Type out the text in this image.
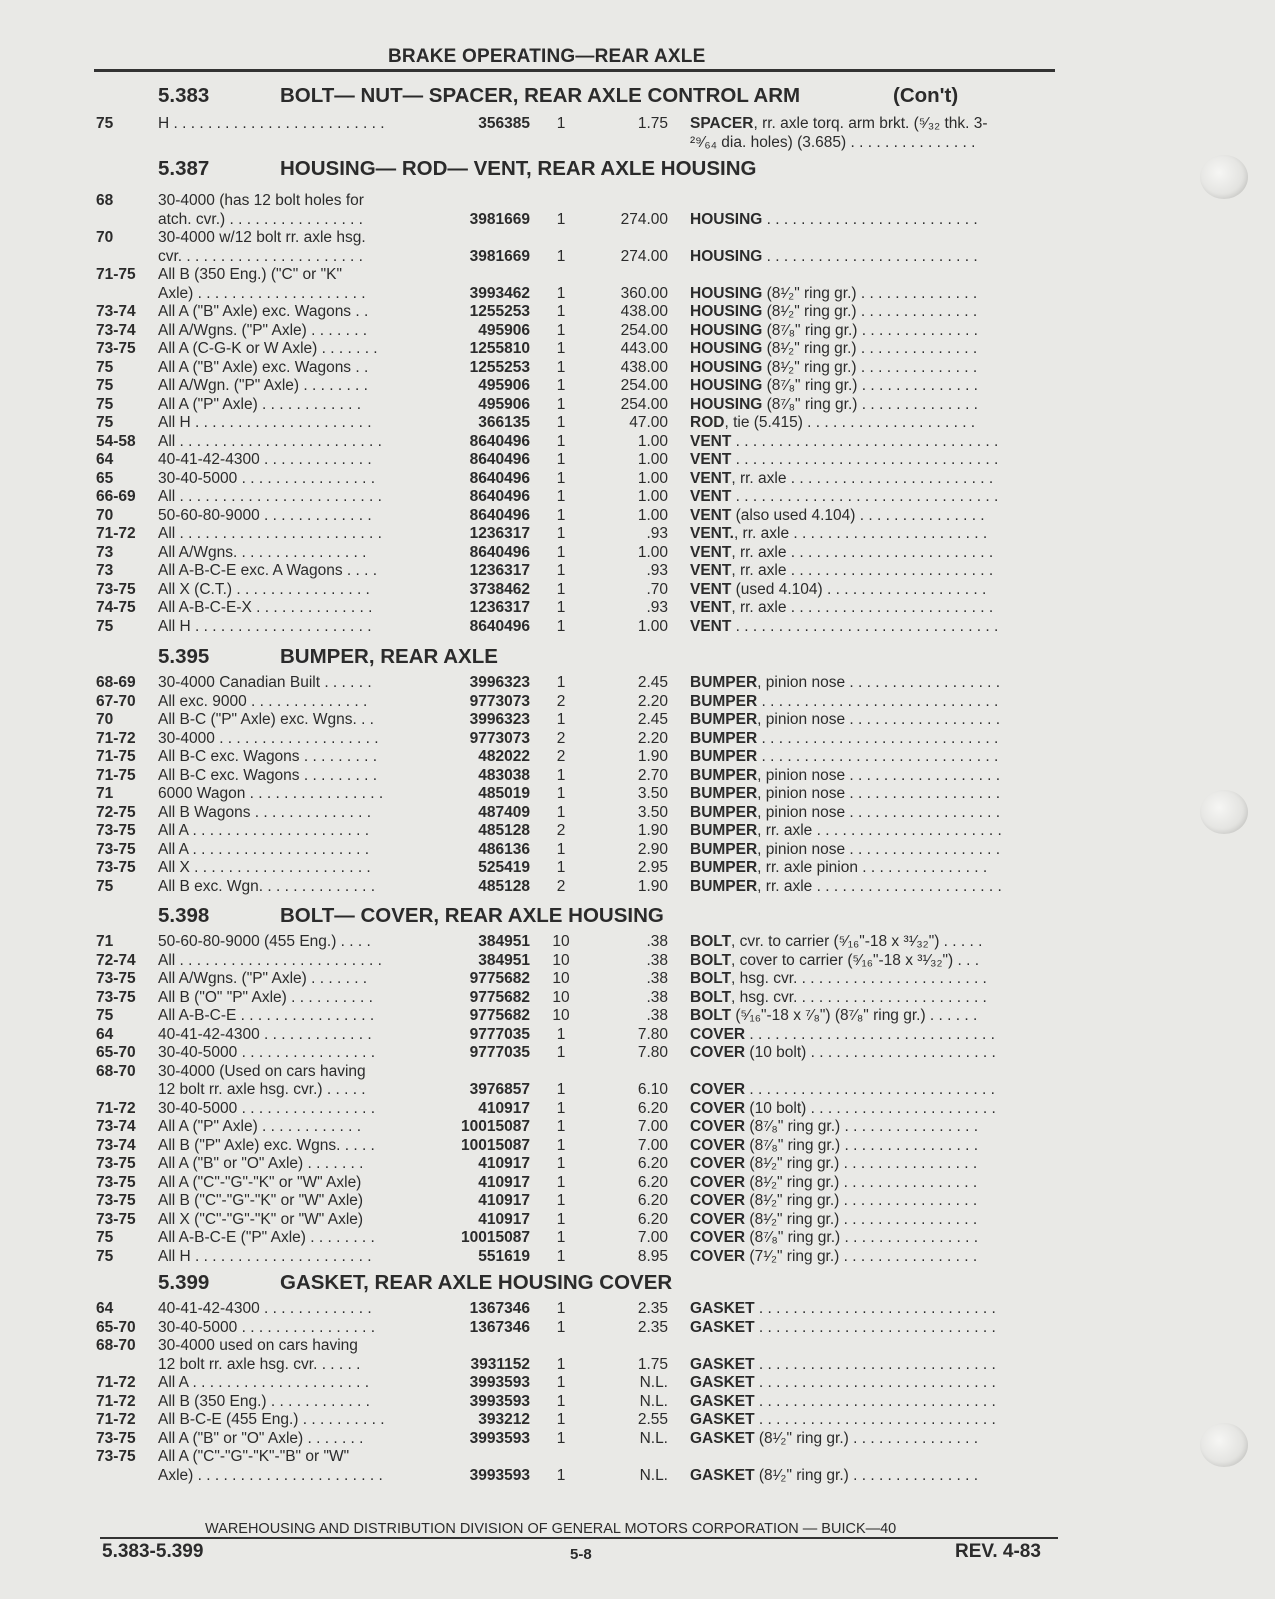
BRAKE OPERATING—REAR AXLE
5.383	BOLT— NUT— SPACER, REAR AXLE CONTROL ARM	(Con't)
75	H . . . . . . . . . . . . . . . . . . . . . . . . .	356385	1	1.75 SPACER, rr. axle torq. arm brkt. (⁵⁄₃₂ thk. 3-
²⁹⁄₆₄ dia. holes) (3.685) . . . . . . . . . . . . . . .
5.387	HOUSING— ROD— VENT, REAR AXLE HOUSING
68	30-4000 (has 12 bolt holes for
atch. cvr.) . . . . . . . . . . . . . . . .	3981669	1	274.00 HOUSING . . . . . . . . . . . . . . . . . . . . . . . . .
70	30-4000 w/12 bolt rr. axle hsg.
cvr. . . . . . . . . . . . . . . . . . . . . .	3981669	1	274.00 HOUSING . . . . . . . . . . . . . . . . . . . . . . . . .
71-75 All B (350 Eng.) ("C" or "K"
Axle) . . . . . . . . . . . . . . . . . . . .	3993462	1	360.00 HOUSING (8¹⁄₂" ring gr.) . . . . . . . . . . . . . .
73-74 All A ("B" Axle) exc. Wagons . .	1255253	1	438.00 HOUSING (8¹⁄₂" ring gr.) . . . . . . . . . . . . . .
73-74 All A/Wgns. ("P" Axle) . . . . . . .	495906	1	254.00 HOUSING (8⁷⁄₈" ring gr.) . . . . . . . . . . . . . .
73-75 All A (C-G-K or W Axle) . . . . . . .	1255810	1	443.00 HOUSING (8¹⁄₂" ring gr.) . . . . . . . . . . . . . .
75	All A ("B" Axle) exc. Wagons . .	1255253	1	438.00 HOUSING (8¹⁄₂" ring gr.) . . . . . . . . . . . . . .
75	All A/Wgn. ("P" Axle) . . . . . . . .	495906	1	254.00 HOUSING (8⁷⁄₈" ring gr.) . . . . . . . . . . . . . .
75	All A ("P" Axle) . . . . . . . . . . . .	495906	1	254.00 HOUSING (8⁷⁄₈" ring gr.) . . . . . . . . . . . . . .
75	All H . . . . . . . . . . . . . . . . . . . . .	366135	1	47.00 ROD, tie (5.415) . . . . . . . . . . . . . . . . . . . .
54-58 All . . . . . . . . . . . . . . . . . . . . . . . .	8640496	1	1.00 VENT . . . . . . . . . . . . . . . . . . . . . . . . . . . . . . .
64	40-41-42-4300 . . . . . . . . . . . . .	8640496	1	1.00 VENT . . . . . . . . . . . . . . . . . . . . . . . . . . . . . . .
65	30-40-5000 . . . . . . . . . . . . . . . .	8640496	1	1.00 VENT, rr. axle . . . . . . . . . . . . . . . . . . . . . . . .
66-69 All . . . . . . . . . . . . . . . . . . . . . . . .	8640496	1	1.00 VENT . . . . . . . . . . . . . . . . . . . . . . . . . . . . . . .
70	50-60-80-9000 . . . . . . . . . . . . .	8640496	1	1.00 VENT (also used 4.104) . . . . . . . . . . . . . . .
71-72 All . . . . . . . . . . . . . . . . . . . . . . . .	1236317	1	.93 VENT., rr. axle . . . . . . . . . . . . . . . . . . . . . . .
73	All A/Wgns. . . . . . . . . . . . . . . .	8640496	1	1.00 VENT, rr. axle . . . . . . . . . . . . . . . . . . . . . . . .
73	All A-B-C-E exc. A Wagons . . . .	1236317	1	.93 VENT, rr. axle . . . . . . . . . . . . . . . . . . . . . . . .
73-75 All X (C.T.) . . . . . . . . . . . . . . . .	3738462	1	.70 VENT (used 4.104) . . . . . . . . . . . . . . . . . . .
74-75 All A-B-C-E-X . . . . . . . . . . . . . .	1236317	1	.93 VENT, rr. axle . . . . . . . . . . . . . . . . . . . . . . . .
75	All H . . . . . . . . . . . . . . . . . . . . .	8640496	1	1.00 VENT . . . . . . . . . . . . . . . . . . . . . . . . . . . . . . .
5.395	BUMPER, REAR AXLE
68-69 30-4000 Canadian Built . . . . . .	3996323	1	2.45 BUMPER, pinion nose . . . . . . . . . . . . . . . . . .
67-70 All exc. 9000 . . . . . . . . . . . . . .	9773073	2	2.20 BUMPER . . . . . . . . . . . . . . . . . . . . . . . . . . . .
70	All B-C ("P" Axle) exc. Wgns. . .	3996323	1	2.45 BUMPER, pinion nose . . . . . . . . . . . . . . . . . .
71-72 30-4000 . . . . . . . . . . . . . . . . . . .	9773073	2	2.20 BUMPER . . . . . . . . . . . . . . . . . . . . . . . . . . . .
71-75 All B-C exc. Wagons . . . . . . . . .	482022	2	1.90 BUMPER . . . . . . . . . . . . . . . . . . . . . . . . . . . .
71-75 All B-C exc. Wagons . . . . . . . . .	483038	1	2.70 BUMPER, pinion nose . . . . . . . . . . . . . . . . . .
71	6000 Wagon . . . . . . . . . . . . . . . .	485019	1	3.50 BUMPER, pinion nose . . . . . . . . . . . . . . . . . .
72-75 All B Wagons . . . . . . . . . . . . . .	487409	1	3.50 BUMPER, pinion nose . . . . . . . . . . . . . . . . . .
73-75 All A . . . . . . . . . . . . . . . . . . . . .	485128	2	1.90 BUMPER, rr. axle . . . . . . . . . . . . . . . . . . . . . .
73-75 All A . . . . . . . . . . . . . . . . . . . . .	486136	1	2.90 BUMPER, pinion nose . . . . . . . . . . . . . . . . . .
73-75 All X . . . . . . . . . . . . . . . . . . . . .	525419	1	2.95 BUMPER, rr. axle pinion . . . . . . . . . . . . . . .
75	All B exc. Wgn. . . . . . . . . . . . . .	485128	2	1.90 BUMPER, rr. axle . . . . . . . . . . . . . . . . . . . . . .
5.398	BOLT— COVER, REAR AXLE HOUSING
71	50-60-80-9000 (455 Eng.) . . . .	384951 10	.38 BOLT, cvr. to carrier (⁵⁄₁₆"-18 x ³¹⁄₃₂") . . . . .
72-74 All . . . . . . . . . . . . . . . . . . . . . . . .	384951 10	.38 BOLT, cover to carrier (⁵⁄₁₆"-18 x ³¹⁄₃₂") . . .
73-75 All A/Wgns. ("P" Axle) . . . . . . .	9775682 10	.38 BOLT, hsg. cvr. . . . . . . . . . . . . . . . . . . . . . .
73-75 All B ("O" "P" Axle) . . . . . . . . . .	9775682 10	.38 BOLT, hsg. cvr. . . . . . . . . . . . . . . . . . . . . . .
75	All A-B-C-E . . . . . . . . . . . . . . . .	9775682 10	.38 BOLT (⁵⁄₁₆"-18 x ⁷⁄₈") (8⁷⁄₈" ring gr.) . . . . . .
64	40-41-42-4300 . . . . . . . . . . . . .	9777035	1	7.80 COVER . . . . . . . . . . . . . . . . . . . . . . . . . . . . .
65-70 30-40-5000 . . . . . . . . . . . . . . . .	9777035	1	7.80 COVER (10 bolt) . . . . . . . . . . . . . . . . . . . . . .
68-70 30-4000 (Used on cars having
12 bolt rr. axle hsg. cvr.) . . . . .	3976857	1	6.10 COVER . . . . . . . . . . . . . . . . . . . . . . . . . . . . .
71-72 30-40-5000 . . . . . . . . . . . . . . . .	410917	1	6.20 COVER (10 bolt) . . . . . . . . . . . . . . . . . . . . . .
73-74 All A ("P" Axle) . . . . . . . . . . . .	10015087	1	7.00 COVER (8⁷⁄₈" ring gr.) . . . . . . . . . . . . . . . .
73-74 All B ("P" Axle) exc. Wgns. . . . .	10015087	1	7.00 COVER (8⁷⁄₈" ring gr.) . . . . . . . . . . . . . . . .
73-75 All A ("B" or "O" Axle) . . . . . . .	410917	1	6.20 COVER (8¹⁄₂" ring gr.) . . . . . . . . . . . . . . . .
73-75 All A ("C"-"G"-"K" or "W" Axle)	410917	1	6.20 COVER (8¹⁄₂" ring gr.) . . . . . . . . . . . . . . . .
73-75 All B ("C"-"G"-"K" or "W" Axle)	410917	1	6.20 COVER (8¹⁄₂" ring gr.) . . . . . . . . . . . . . . . .
73-75 All X ("C"-"G"-"K" or "W" Axle)	410917	1	6.20 COVER (8¹⁄₂" ring gr.) . . . . . . . . . . . . . . . .
75	All A-B-C-E ("P" Axle) . . . . . . . .	10015087	1	7.00 COVER (8⁷⁄₈" ring gr.) . . . . . . . . . . . . . . . .
75	All H . . . . . . . . . . . . . . . . . . . . .	551619	1	8.95 COVER (7¹⁄₂" ring gr.) . . . . . . . . . . . . . . . .
5.399	GASKET, REAR AXLE HOUSING COVER
64	40-41-42-4300 . . . . . . . . . . . . .	1367346	1	2.35 GASKET . . . . . . . . . . . . . . . . . . . . . . . . . . . .
65-70 30-40-5000 . . . . . . . . . . . . . . . .	1367346	1	2.35 GASKET . . . . . . . . . . . . . . . . . . . . . . . . . . . .
68-70 30-4000 used on cars having
12 bolt rr. axle hsg. cvr. . . . . .	3931152	1	1.75 GASKET . . . . . . . . . . . . . . . . . . . . . . . . . . . .
71-72 All A . . . . . . . . . . . . . . . . . . . . .	3993593	1	N.L. GASKET . . . . . . . . . . . . . . . . . . . . . . . . . . . .
71-72 All B (350 Eng.) . . . . . . . . . . . .	3993593	1	N.L. GASKET . . . . . . . . . . . . . . . . . . . . . . . . . . . .
71-72 All B-C-E (455 Eng.) . . . . . . . . . .	393212	1	2.55 GASKET . . . . . . . . . . . . . . . . . . . . . . . . . . . .
73-75 All A ("B" or "O" Axle) . . . . . . .	3993593	1	N.L. GASKET (8¹⁄₂" ring gr.) . . . . . . . . . . . . . . .
73-75 All A ("C"-"G"-"K"-"B" or "W"
Axle) . . . . . . . . . . . . . . . . . . . . . .	3993593	1	N.L. GASKET (8¹⁄₂" ring gr.) . . . . . . . . . . . . . . .
WAREHOUSING AND DISTRIBUTION DIVISION OF GENERAL MOTORS CORPORATION — BUICK—40
5.383-5.399	5-8	REV. 4-83
